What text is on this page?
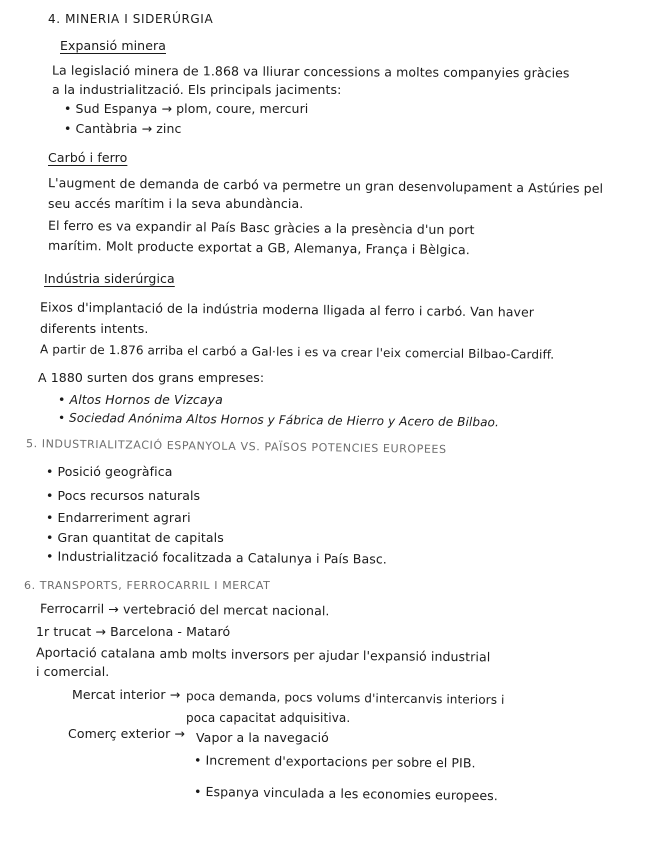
4. MINERIA I SIDERÚRGIA
Expansió minera
La legislació minera de 1.868 va lliurar concessions a moltes companyies gràcies
a la industrialització. Els principals jaciments:
• Sud Espanya → plom, coure, mercuri
• Cantàbria → zinc
Carbó i ferro
L'augment de demanda de carbó va permetre un gran desenvolupament a Astúries pel
seu accés marítim i la seva abundància.
El ferro es va expandir al País Basc gràcies a la presència d'un port
marítim. Molt producte exportat a GB, Alemanya, França i Bèlgica.
Indústria siderúrgica
Eixos d'implantació de la indústria moderna lligada al ferro i carbó. Van haver
diferents intents.
A partir de 1.876 arriba el carbó a Gal·les i es va crear l'eix comercial Bilbao-Cardiff.
A 1880 surten dos grans empreses:
• Altos Hornos de Vizcaya
• Sociedad Anónima Altos Hornos y Fábrica de Hierro y Acero de Bilbao.
5. INDUSTRIALITZACIÓ ESPANYOLA VS. PAÏSOS POTENCIES EUROPEES
• Posició geogràfica
• Pocs recursos naturals
• Endarreriment agrari
• Gran quantitat de capitals
• Industrialització focalitzada a Catalunya i País Basc.
6. TRANSPORTS, FERROCARRIL I MERCAT
Ferrocarril → vertebració del mercat nacional.
1r trucat → Barcelona - Mataró
Aportació catalana amb molts inversors per ajudar l'expansió industrial
i comercial.
Mercat interior → poca demanda, pocs volums d'intercanvis interiors i
poca capacitat adquisitiva.
Comerç exterior → Vapor a la navegació
• Increment d'exportacions per sobre el PIB.
• Espanya vinculada a les economies europees.
